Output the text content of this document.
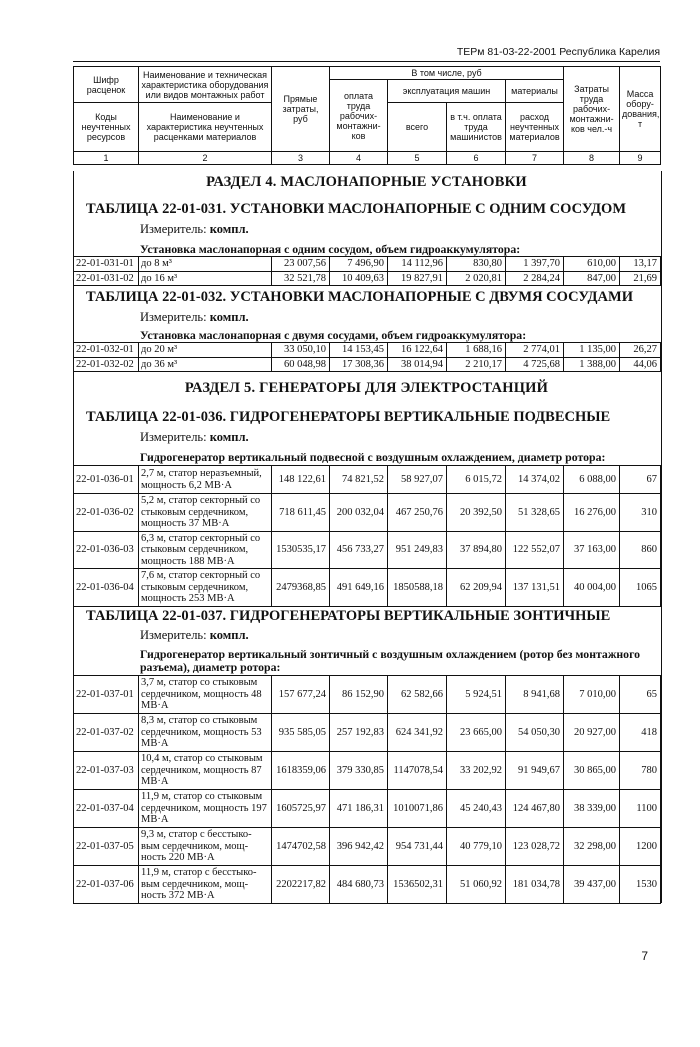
ТЕРм 81-03-22-2001 Республика Карелия
Шифр расценок	Наименование и техническая характеристика оборудования или видов монтажных работ	Прямые затраты, руб	В том числе, руб				Затраты труда рабочих-монтажни-ков чел.-ч	Масса обору-дования, т
			оплата труда рабочих-монтажни-ков	эксплуатация машин		материалы		
Коды неучтенных ресурсов	Наименование и характеристика неучтенных расценками материалов			всего	в т.ч. оплата труда машинистов	расход неучтенных материалов		

1	2	3	4	5	6	7	8	9
РАЗДЕЛ 4. МАСЛОНАПОРНЫЕ УСТАНОВКИ
ТАБЛИЦА 22-01-031. УСТАНОВКИ МАСЛОНАПОРНЫЕ С ОДНИМ СОСУДОМ
Измеритель: компл.
Установка маслонапорная с одним сосудом, объем гидроаккумулятора:
22-01-031-01	до 8 м³	23 007,56	7 496,90	14 112,96	830,80	1 397,70	610,00	13,17
22-01-031-02	до 16 м³	32 521,78	10 409,63	19 827,91	2 020,81	2 284,24	847,00	21,69
ТАБЛИЦА 22-01-032. УСТАНОВКИ МАСЛОНАПОРНЫЕ С ДВУМЯ СОСУДАМИ
Измеритель: компл.
Установка маслонапорная с двумя сосудами, объем гидроаккумулятора:
22-01-032-01	до 20 м³	33 050,10	14 153,45	16 122,64	1 688,16	2 774,01	1 135,00	26,27
22-01-032-02	до 36 м³	60 048,98	17 308,36	38 014,94	2 210,17	4 725,68	1 388,00	44,06
РАЗДЕЛ 5. ГЕНЕРАТОРЫ ДЛЯ ЭЛЕКТРОСТАНЦИЙ
ТАБЛИЦА 22-01-036. ГИДРОГЕНЕРАТОРЫ ВЕРТИКАЛЬНЫЕ ПОДВЕСНЫЕ
Измеритель: компл.
Гидрогенератор вертикальный подвесной с воздушным охлаждением, диаметр ротора:
22-01-036-01	2,7 м, статор неразъемный, мощность 6,2 МВ·А	148 122,61	74 821,52	58 927,07	6 015,72	14 374,02	6 088,00	67
22-01-036-02	5,2 м, статор секторный со стыковым сердечником, мощность 37 МВ·А	718 611,45	200 032,04	467 250,76	20 392,50	51 328,65	16 276,00	310
22-01-036-03	6,3 м, статор секторный со стыковым сердечником, мощность 188 МВ·А	1530535,17	456 733,27	951 249,83	37 894,80	122 552,07	37 163,00	860
22-01-036-04	7,6 м, статор секторный со стыковым сердечником, мощность 253 МВ·А	2479368,85	491 649,16	1850588,18	62 209,94	137 131,51	40 004,00	1065
ТАБЛИЦА 22-01-037. ГИДРОГЕНЕРАТОРЫ ВЕРТИКАЛЬНЫЕ ЗОНТИЧНЫЕ
Измеритель: компл.
Гидрогенератор вертикальный зонтичный с воздушным охлаждением (ротор без монтажного разъема), диаметр ротора:
22-01-037-01	3,7 м, статор со стыковым сердечником, мощность 48 МВ·А	157 677,24	86 152,90	62 582,66	5 924,51	8 941,68	7 010,00	65
22-01-037-02	8,3 м, статор со стыковым сердечником, мощность 53 МВ·А	935 585,05	257 192,83	624 341,92	23 665,00	54 050,30	20 927,00	418
22-01-037-03	10,4 м, статор со стыковым сердечником, мощность 87 МВ·А	1618359,06	379 330,85	1147078,54	33 202,92	91 949,67	30 865,00	780
22-01-037-04	11,9 м, статор со стыковым сердечником, мощность 197 МВ·А	1605725,97	471 186,31	1010071,86	45 240,43	124 467,80	38 339,00	1100
22-01-037-05	9,3 м, статор с бесстыко-вым сердечником, мощ-ность 220 МВ·А	1474702,58	396 942,42	954 731,44	40 779,10	123 028,72	32 298,00	1200
22-01-037-06	11,9 м, статор с бесстыко-вым сердечником, мощ-ность 372 МВ·А	2202217,82	484 680,73	1536502,31	51 060,92	181 034,78	39 437,00	1530
7
